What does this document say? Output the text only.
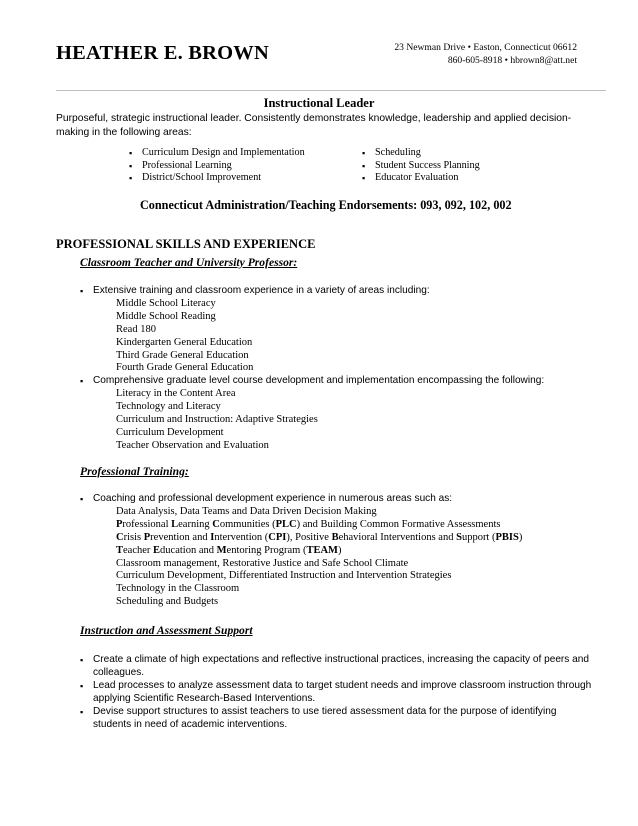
HEATHER E. BROWN	23 Newman Drive • Easton, Connecticut 06612
860-605-8918 • hbrown8@att.net
Instructional Leader
Purposeful, strategic instructional leader. Consistently demonstrates knowledge, leadership and applied decision-making in the following areas:
▪ Curriculum Design and Implementation
▪ Professional Learning
▪ District/School Improvement
▪ Scheduling
▪ Student Success Planning
▪ Educator Evaluation
Connecticut Administration/Teaching Endorsements: 093, 092, 102, 002
PROFESSIONAL SKILLS AND EXPERIENCE
Classroom Teacher and University Professor:
▪ Extensive training and classroom experience in a variety of areas including:
Middle School Literacy
Middle School Reading
Read 180
Kindergarten General Education
Third Grade General Education
Fourth Grade General Education
▪ Comprehensive graduate level course development and implementation encompassing the following:
Literacy in the Content Area
Technology and Literacy
Curriculum and Instruction: Adaptive Strategies
Curriculum Development
Teacher Observation and Evaluation
Professional Training:
▪ Coaching and professional development experience in numerous areas such as:
Data Analysis, Data Teams and Data Driven Decision Making
Professional Learning Communities (PLC) and Building Common Formative Assessments
Crisis Prevention and Intervention (CPI), Positive Behavioral Interventions and Support (PBIS)
Teacher Education and Mentoring Program (TEAM)
Classroom management, Restorative Justice and Safe School Climate
Curriculum Development, Differentiated Instruction and Intervention Strategies
Technology in the Classroom
Scheduling and Budgets
Instruction and Assessment Support
▪ Create a climate of high expectations and reflective instructional practices, increasing the capacity of peers and colleagues.
▪ Lead processes to analyze assessment data to target student needs and improve classroom instruction through applying Scientific Research-Based Interventions.
▪ Devise support structures to assist teachers to use tiered assessment data for the purpose of identifying students in need of academic interventions.
